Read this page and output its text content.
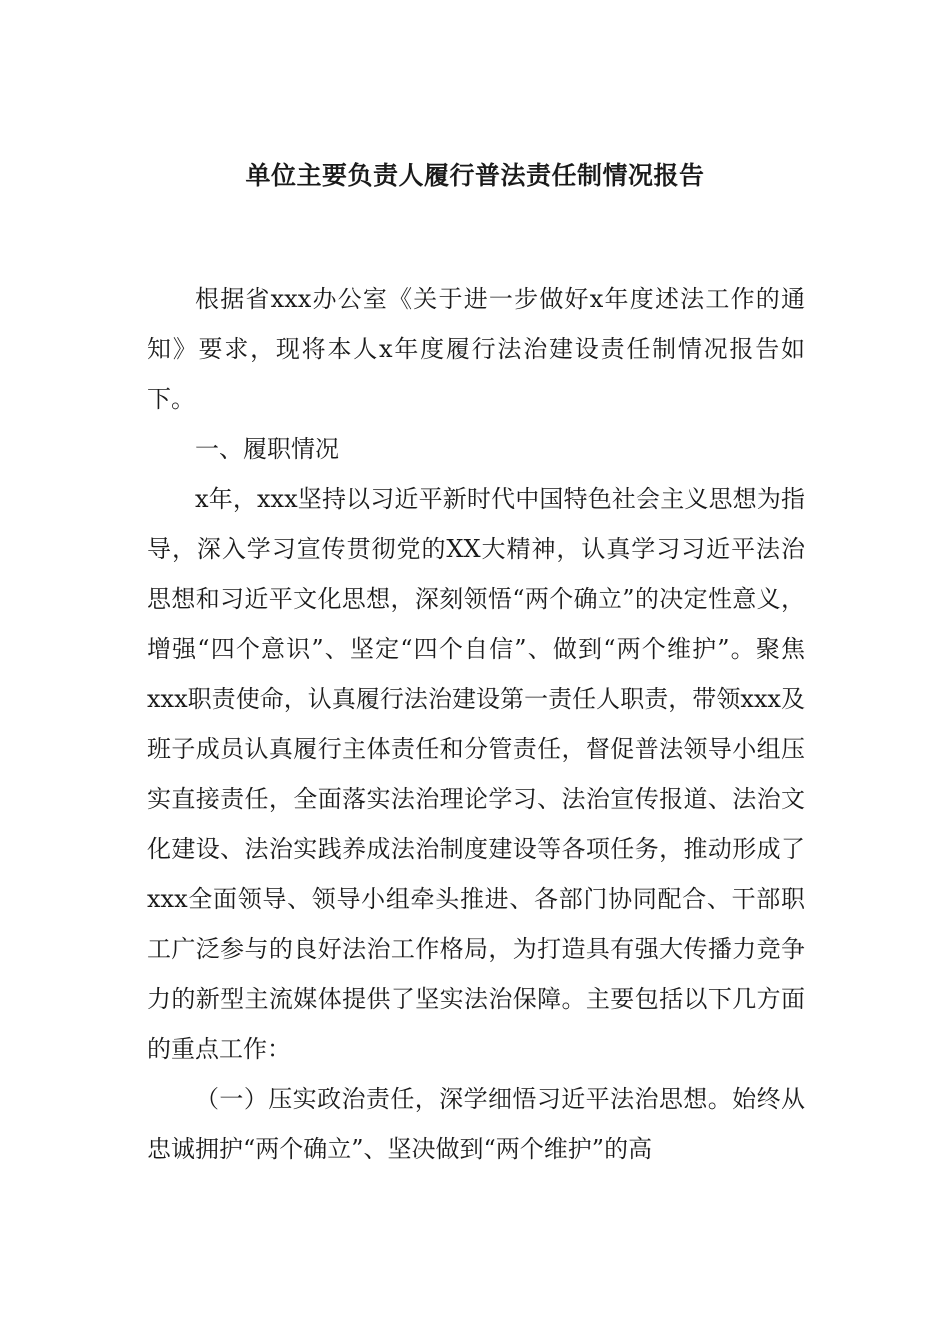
单位主要负责人履行普法责任制情况报告

根据省xxx办公室《关于进一步做好x年度述法工作的通知》要求，现将本人x年度履行法治建设责任制情况报告如下。

一、履职情况

x年，xxx坚持以习近平新时代中国特色社会主义思想为指导，深入学习宣传贯彻党的XX大精神，认真学习习近平法治思想和习近平文化思想，深刻领悟“两个确立”的决定性意义，增强“四个意识”、坚定“四个自信”、做到“两个维护”。聚焦xxx职责使命，认真履行法治建设第一责任人职责，带领xxx及班子成员认真履行主体责任和分管责任，督促普法领导小组压实直接责任，全面落实法治理论学习、法治宣传报道、法治文化建设、法治实践养成法治制度建设等各项任务，推动形成了xxx全面领导、领导小组牵头推进、各部门协同配合、干部职工广泛参与的良好法治工作格局，为打造具有强大传播力竞争力的新型主流媒体提供了坚实法治保障。主要包括以下几方面的重点工作：

（一）压实政治责任，深学细悟习近平法治思想。始终从忠诚拥护“两个确立”、坚决做到“两个维护”的高
